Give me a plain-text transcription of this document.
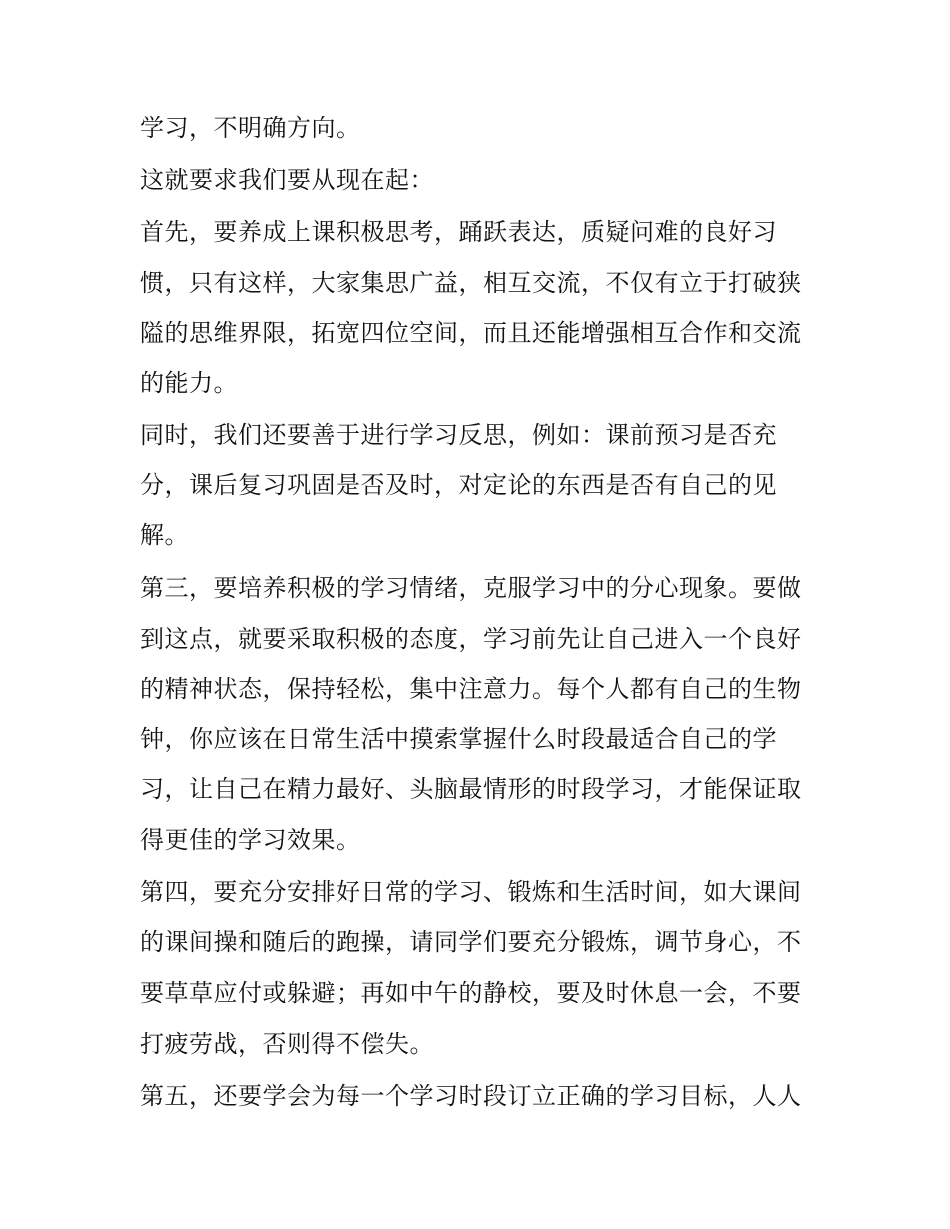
学习，不明确方向。
这就要求我们要从现在起：
首先，要养成上课积极思考，踊跃表达，质疑问难的良好习
惯，只有这样，大家集思广益，相互交流，不仅有立于打破狭
隘的思维界限，拓宽四位空间，而且还能增强相互合作和交流
的能力。
同时，我们还要善于进行学习反思，例如：课前预习是否充
分，课后复习巩固是否及时，对定论的东西是否有自己的见
解。
第三，要培养积极的学习情绪，克服学习中的分心现象。要做
到这点，就要采取积极的态度，学习前先让自己进入一个良好
的精神状态，保持轻松，集中注意力。每个人都有自己的生物
钟，你应该在日常生活中摸索掌握什么时段最适合自己的学
习，让自己在精力最好、头脑最情形的时段学习，才能保证取
得更佳的学习效果。
第四，要充分安排好日常的学习、锻炼和生活时间，如大课间
的课间操和随后的跑操，请同学们要充分锻炼，调节身心，不
要草草应付或躲避；再如中午的静校，要及时休息一会，不要
打疲劳战，否则得不偿失。
第五，还要学会为每一个学习时段订立正确的学习目标，人人
